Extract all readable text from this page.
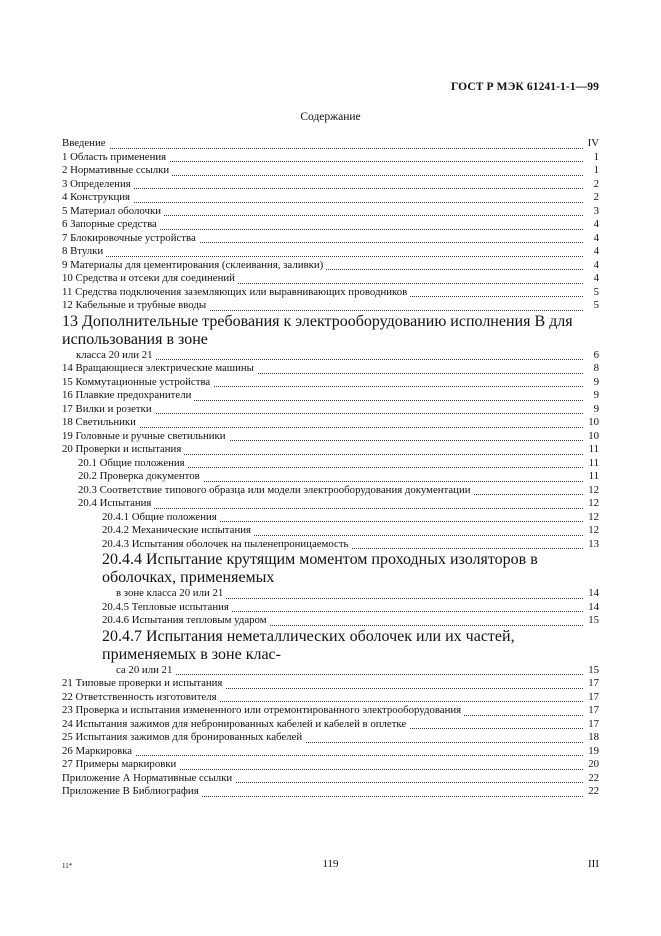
ГОСТ Р МЭК 61241-1-1—99
Содержание
Введение	IV
1 Область применения	1
2 Нормативные ссылки	1
3 Определения	2
4 Конструкция	2
5 Материал оболочки	3
6 Запорные средства	4
7 Блокировочные устройства	4
8 Втулки	4
9 Материалы для цементирования (склеивания, заливки)	4
10 Средства и отсеки для соединений	4
11 Средства подключения заземляющих или выравнивающих проводников	5
12 Кабельные и трубные вводы	5
13 Дополнительные требования к электрооборудованию исполнения В для использования в зоне
класса 20 или 21	6
14 Вращающиеся электрические машины	8
15 Коммутационные устройства	9
16 Плавкие предохранители	9
17 Вилки и розетки	9
18 Светильники	10
19 Головные и ручные светильники	10
20 Проверки и испытания	11
20.1 Общие положения	11
20.2 Проверка документов	11
20.3 Соответствие типового образца или модели электрооборудования документации	12
20.4 Испытания	12
20.4.1 Общие положения	12
20.4.2 Механические испытания	12
20.4.3 Испытания оболочек на пыленепроницаемость	13
20.4.4 Испытание крутящим моментом проходных изоляторов в оболочках, применяемых
в зоне класса 20 или 21	14
20.4.5 Тепловые испытания	14
20.4.6 Испытания тепловым ударом	15
20.4.7 Испытания неметаллических оболочек или их частей, применяемых в зоне клас-
са 20 или 21	15
21 Типовые проверки и испытания	17
22 Ответственность изготовителя	17
23 Проверка и испытания измененного или отремонтированного электрооборудования	17
24 Испытания зажимов для небронированных кабелей и кабелей в оплетке	17
25 Испытания зажимов для бронированных кабелей	18
26 Маркировка	19
27 Примеры маркировки	20
Приложение А Нормативные ссылки	22
Приложение В Библиография	22
11*	119	III
